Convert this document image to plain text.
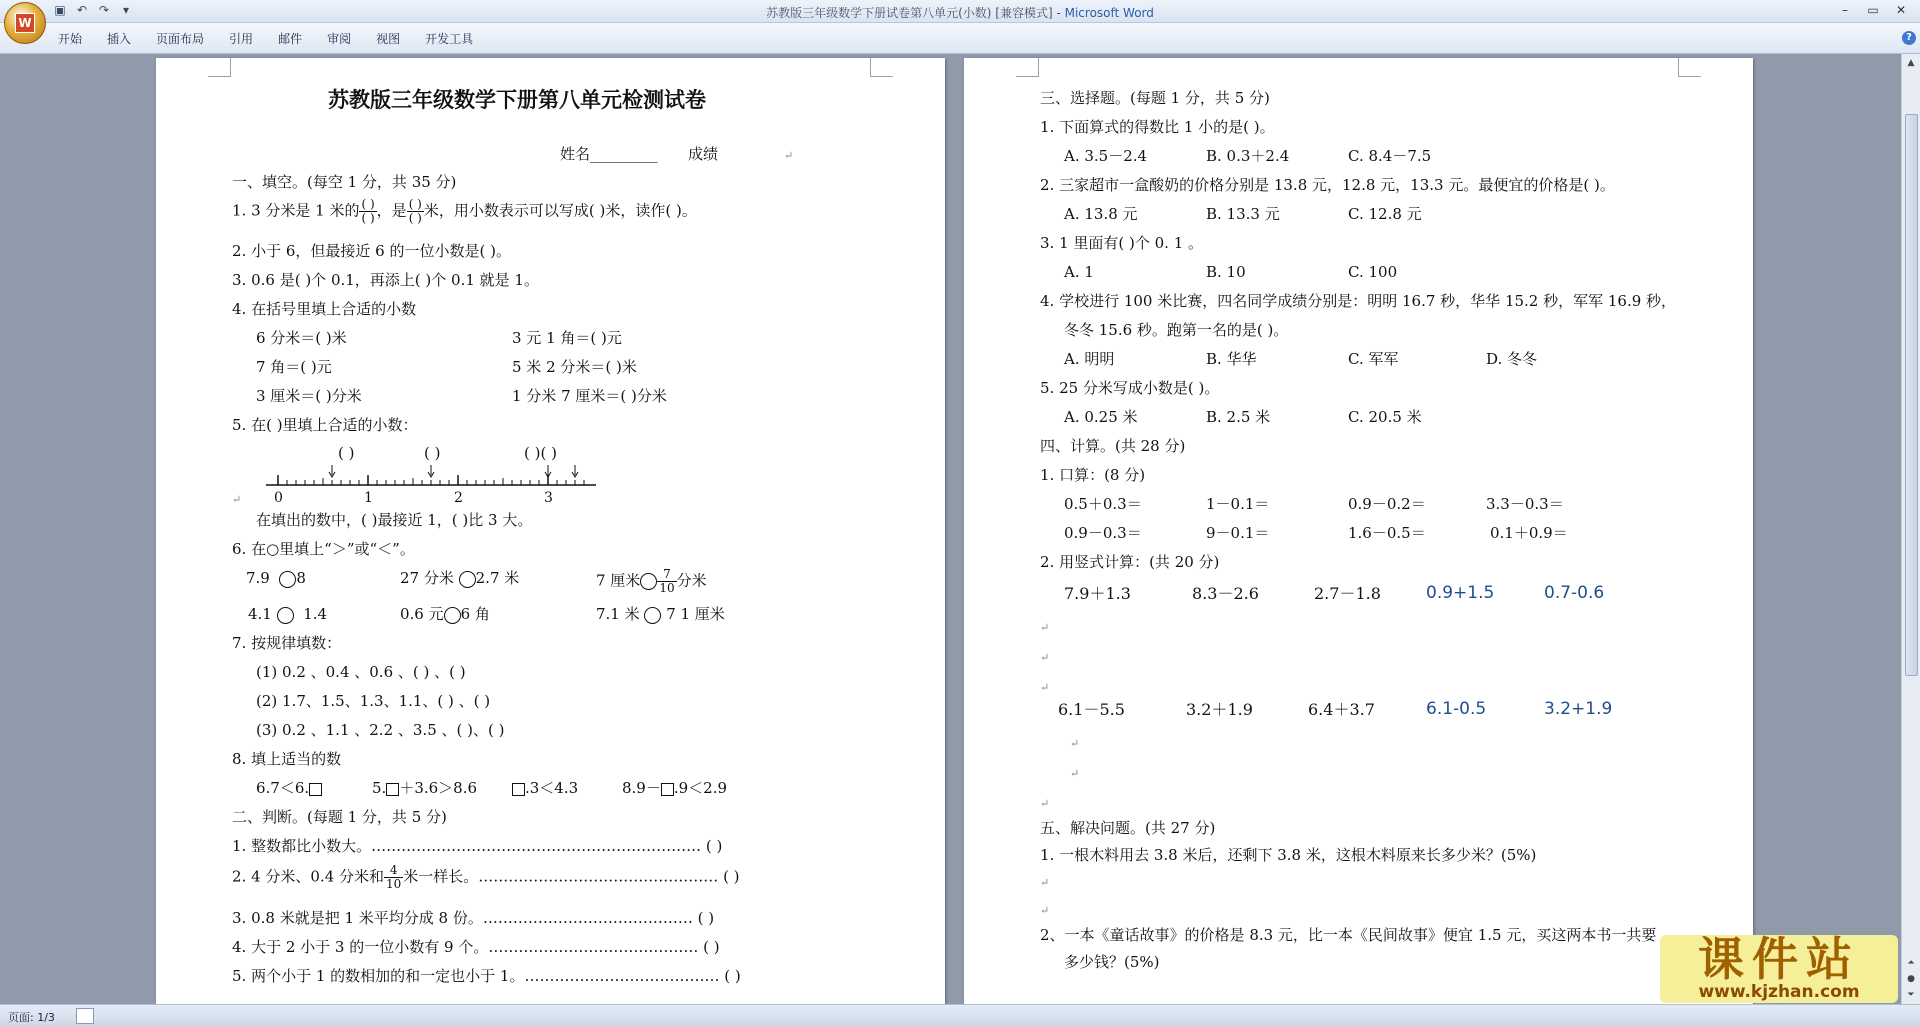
▣ ↶ ↷	▾	苏教版三年级数学下册试卷第八单元(小数) [兼容模式] - Microsoft Word	–	▭	✕
W
开始	插入	页面布局	引用	邮件	审阅	视图	开发工具	?
苏教版三年级数学下册第八单元检测试卷
姓名_________ 成绩	↵
一、填空。(每空 1 分，共 35 分)
1. 3 分米是 1 米的 $\frac{( )}{( )}$ ，是 $\frac{( )}{( )}$ 米，用小数表示可以写成( )米，读作( )。
2. 小于 6，但最接近 6 的一位小数是( )。
3. 0.6 是( )个 0.1，再添上( )个 0.1 就是 1。
4. 在括号里填上合适的小数
6 分米＝( )米	3 元 1 角＝( )元
7 角＝( )元	5 米 2 分米＝( )米
3 厘米＝( )分米	1 分米 7 厘米＝( )分米
5. 在( )里填上合适的小数：
( )	( )	( )( )
0	1	2	3
↵
在填出的数中，( )最接近 1，( )比 3 大。
6. 在○里填上“＞”或“＜”。
7.9 8	27 分米 2.7 米	7 厘米 $\frac{7}{10}$ 分米
4.1 1.4	0.6 元 6 角	7.1 米 7 1 厘米
7. 按规律填数：
(1) 0.2 、0.4 、0.6 、( ) 、( )
(2) 1.7、1.5、1.3、1.1、( ) 、( )
(3) 0.2 、1.1 、2.2 、3.5 、( )、( )
8. 填上适当的数
6.7＜6.	5. ＋3.6＞8.6	.3＜4.3	8.9－ .9＜2.9
二、判断。(每题 1 分，共 5 分)
1. 整数都比小数大。………………………………………………………… ( )
2. 4 分米、0.4 分米和 $\frac{4}{10}$ 米一样长。………………………………………… ( )
3. 0.8 米就是把 1 米平均分成 8 份。…………………………………… ( )
4. 大于 2 小于 3 的一位小数有 9 个。…………………………………… ( )
5. 两个小于 1 的数相加的和一定也小于 1。………………………………… ( )
三、选择题。(每题 1 分，共 5 分)
1. 下面算式的得数比 1 小的是( )。
A. 3.5－2.4	B. 0.3＋2.4	C. 8.4－7.5
2. 三家超市一盒酸奶的价格分别是 13.8 元，12.8 元，13.3 元。最便宜的价格是( )。
A. 13.8 元	B. 13.3 元	C. 12.8 元
3. 1 里面有( )个 0. 1 。
A. 1	B. 10	C. 100
4. 学校进行 100 米比赛，四名同学成绩分别是：明明 16.7 秒，华华 15.2 秒，军军 16.9 秒，
冬冬 15.6 秒。跑第一名的是( )。
A. 明明	B. 华华	C. 军军	D. 冬冬
5. 25 分米写成小数是( )。
A. 0.25 米	B. 2.5 米	C. 20.5 米
四、计算。(共 28 分)
1. 口算：(8 分)
0.5＋0.3＝	1－0.1＝	0.9－0.2＝	3.3－0.3＝
0.9－0.3＝	9－0.1＝	1.6－0.5＝	0.1＋0.9＝
2. 用竖式计算：(共 20 分)
7.9＋1.3	8.3－2.6	2.7－1.8	0.9+1.5	0.7-0.6
↵
↵
↵
6.1－5.5	3.2＋1.9	6.4＋3.7	6.1-0.5	3.2+1.9
↵
↵
↵
五、解决问题。(共 27 分)
1. 一根木料用去 3.8 米后，还剩下 3.8 米，这根木料原来长多少米？(5%)
↵
↵
2、一本《童话故事》的价格是 8.3 元，比一本《民间故事》便宜 1.5 元，买这两本书一共要
多少钱？(5%)
▲
⏶
●
⏷
页面: 1/3
课件站
www.kjzhan.com
